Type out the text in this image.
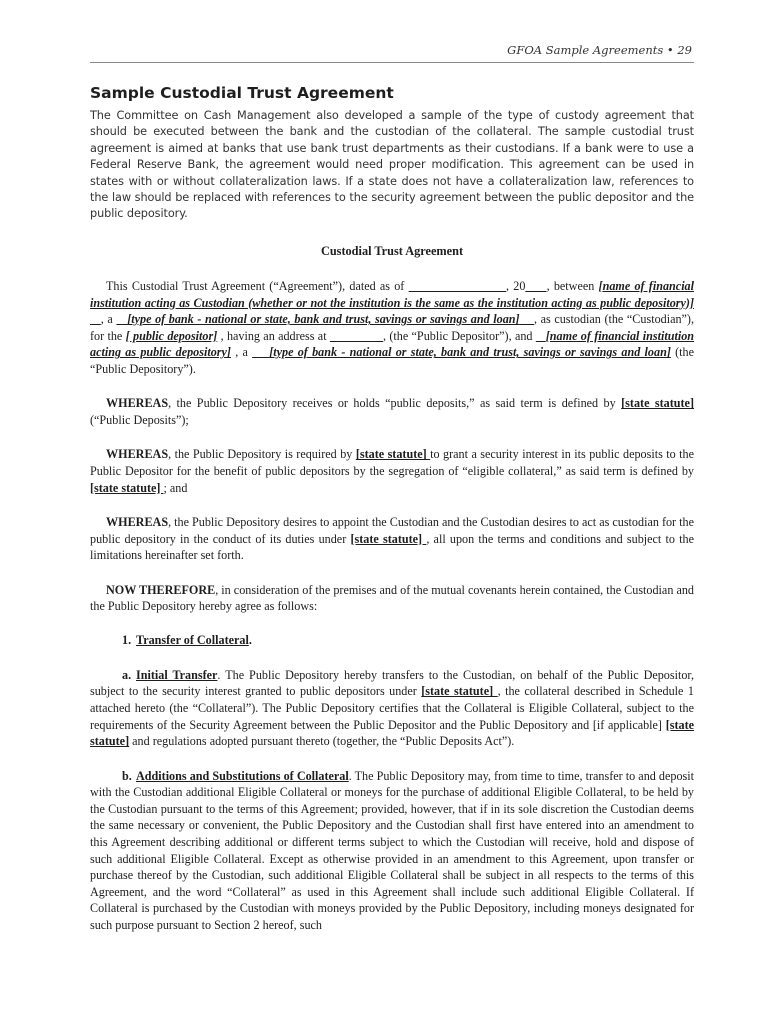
GFOA Sample Agreements • 29
Sample Custodial Trust Agreement

The Committee on Cash Management also developed a sample of the type of custody agreement that should be executed between the bank and the custodian of the collateral. The sample custodial trust agreement is aimed at banks that use bank trust departments as their custodians. If a bank were to use a Federal Reserve Bank, the agreement would need proper modification. This agreement can be used in states with or without collateralization laws. If a state does not have a collateralization law, references to the law should be replaced with references to the security agreement between the public depositor and the public depository.

Custodial Trust Agreement

This Custodial Trust Agreement (“Agreement”), dated as of	, 20 , between [name of financial institution acting as Custodian (whether or not the institution is the same as the institution acting as public depository)]   , a    [type of bank - national or state, bank and trust, savings or savings and loan] , as custodian (the “Custodian”), for the [ public depositor] , having an address at	, (the “Public Depositor”), and    [name of financial institution acting as public depository] , a     [type of bank - national or state, bank and trust, savings or savings and loan] (the “Public Depository”).

WHEREAS, the Public Depository receives or holds “public deposits,” as said term is defined by [state statute] (“Public Deposits”);

WHEREAS, the Public Depository is required by [state statute] to grant a security interest in its public deposits to the Public Depositor for the benefit of public depositors by the segregation of “eligible collateral,” as said term is defined by [state statute] ; and

WHEREAS, the Public Depository desires to appoint the Custodian and the Custodian desires to act as custodian for the public depository in the conduct of its duties under [state statute] , all upon the terms and conditions and subject to the limitations hereinafter set forth.

NOW THEREFORE, in consideration of the premises and of the mutual covenants herein contained, the Custodian and the Public Depository hereby agree as follows:

1. Transfer of Collateral.

a. Initial Transfer. The Public Depository hereby transfers to the Custodian, on behalf of the Public Depositor, subject to the security interest granted to public depositors under [state statute] , the collateral described in Schedule 1 attached hereto (the “Collateral”). The Public Depository certifies that the Collateral is Eligible Collateral, subject to the requirements of the Security Agreement between the Public Depositor and the Public Depository and [if applicable] [state statute] and regulations adopted pursuant thereto (together, the “Public Deposits Act”).

b. Additions and Substitutions of Collateral. The Public Depository may, from time to time, transfer to and deposit with the Custodian additional Eligible Collateral or moneys for the purchase of additional Eligible Collateral, to be held by the Custodian pursuant to the terms of this Agreement; provided, however, that if in its sole discretion the Custodian deems the same necessary or convenient, the Public Depository and the Custodian shall first have entered into an amendment to this Agreement describing additional or different terms subject to which the Custodian will receive, hold and dispose of such additional Eligible Collateral. Except as otherwise provided in an amendment to this Agreement, upon transfer or purchase thereof by the Custodian, such additional Eligible Collateral shall be subject in all respects to the terms of this Agreement, and the word “Collateral” as used in this Agreement shall include such additional Eligible Collateral. If Collateral is purchased by the Custodian with moneys provided by the Public Depository, including moneys designated for such purpose pursuant to Section 2 hereof, such
